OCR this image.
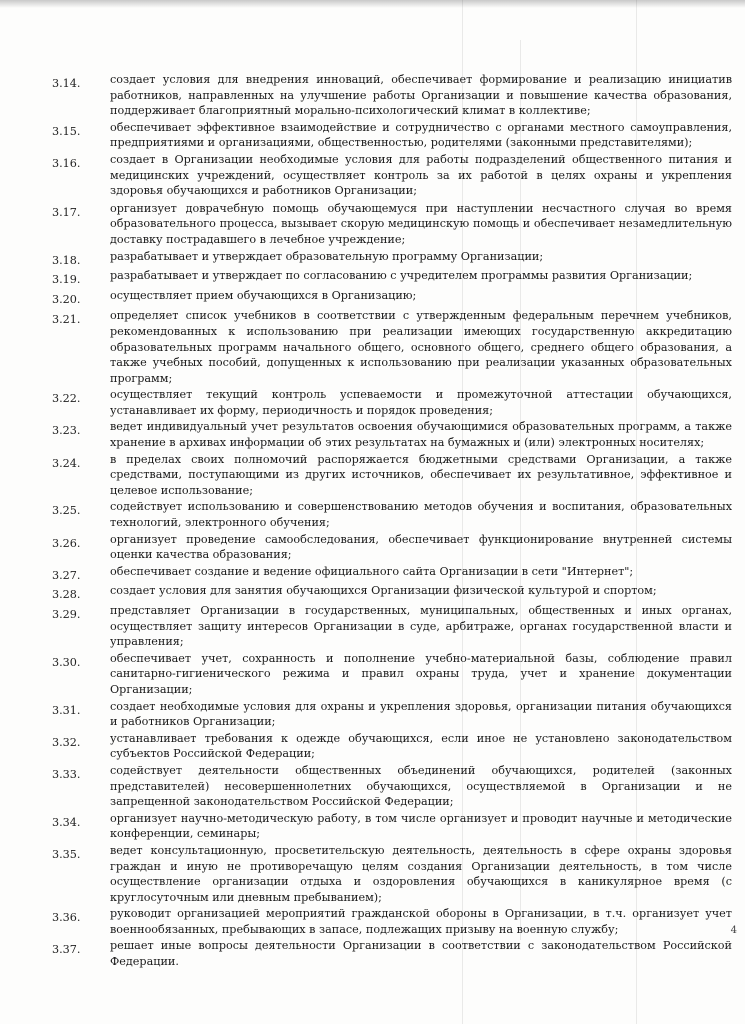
3.14.	создает условия для внедрения инноваций, обеспечивает формирование и реализацию инициатив работников, направленных на улучшение работы Организации и повышение качества образования, поддерживает благоприятный морально-психологический климат в коллективе;
3.15.	обеспечивает эффективное взаимодействие и сотрудничество с органами местного самоуправления, предприятиями и организациями, общественностью, родителями (законными представителями);
3.16.	создает в Организации необходимые условия для работы подразделений общественного питания и медицинских учреждений, осуществляет контроль за их работой в целях охраны и укрепления здоровья обучающихся и работников Организации;
3.17.	организует доврачебную помощь обучающемуся при наступлении несчастного случая во время образовательного процесса, вызывает скорую медицинскую помощь и обеспечивает незамедлительную доставку пострадавшего в лечебное учреждение;
3.18.	разрабатывает и утверждает образовательную программу Организации;
3.19.	разрабатывает и утверждает по согласованию с учредителем программы развития Организации;
3.20.	осуществляет прием обучающихся в Организацию;
3.21.	определяет список учебников в соответствии с утвержденным федеральным перечнем учебников, рекомендованных к использованию при реализации имеющих государственную аккредитацию образовательных программ начального общего, основного общего, среднего общего образования, а также учебных пособий, допущенных к использованию при реализации указанных образовательных программ;
3.22.	осуществляет текущий контроль успеваемости и промежуточной аттестации обучающихся, устанавливает их форму, периодичность и порядок проведения;
3.23.	ведет индивидуальный учет результатов освоения обучающимися образовательных программ, а также хранение в архивах информации об этих результатах на бумажных и (или) электронных носителях;
3.24.	в пределах своих полномочий распоряжается бюджетными средствами Организации, а также средствами, поступающими из других источников, обеспечивает их результативное, эффективное и целевое использование;
3.25.	содействует использованию и совершенствованию методов обучения и воспитания, образовательных технологий, электронного обучения;
3.26.	организует проведение самообследования, обеспечивает функционирование внутренней системы оценки качества образования;
3.27.	обеспечивает создание и ведение официального сайта Организации в сети "Интернет";
3.28.	создает условия для занятия обучающихся Организации физической культурой и спортом;
3.29.	представляет Организации в государственных, муниципальных, общественных и иных органах, осуществляет защиту интересов Организации в суде, арбитраже, органах государственной власти и управления;
3.30.	обеспечивает учет, сохранность и пополнение учебно-материальной базы, соблюдение правил санитарно-гигиенического режима и правил охраны труда, учет и хранение документации Организации;
3.31.	создает необходимые условия для охраны и укрепления здоровья, организации питания обучающихся и работников Организации;
3.32.	устанавливает требования к одежде обучающихся, если иное не установлено законодательством субъектов Российской Федерации;
3.33.	содействует деятельности общественных объединений обучающихся, родителей (законных представителей) несовершеннолетних обучающихся, осуществляемой в Организации и не запрещенной законодательством Российской Федерации;
3.34.	организует научно-методическую работу, в том числе организует и проводит научные и методические конференции, семинары;
3.35.	ведет консультационную, просветительскую деятельность, деятельность в сфере охраны здоровья граждан и иную не противоречащую целям создания Организации деятельность, в том числе осуществление организации отдыха и оздоровления обучающихся в каникулярное время (с круглосуточным или дневным пребыванием);
3.36.	руководит организацией мероприятий гражданской обороны в Организации, в т.ч. организует учет военнообязанных, пребывающих в запасе, подлежащих призыву на военную службу;
3.37.	решает иные вопросы деятельности Организации в соответствии с законодательством Российской Федерации.
4
